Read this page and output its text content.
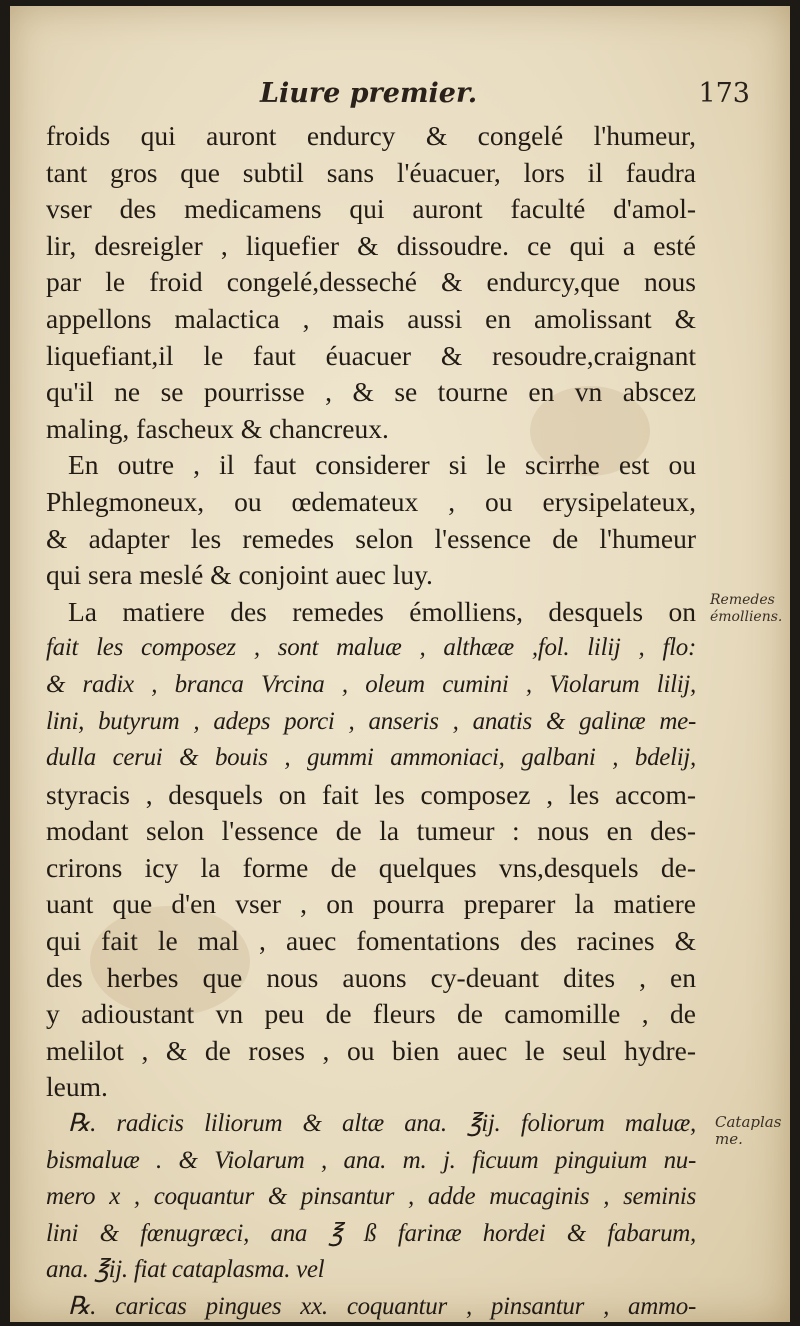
Liure premier.	173
froids qui auront endurcy & congelé l'humeur,
tant gros que subtil sans l'éuacuer, lors il faudra
vser des medicamens qui auront faculté d'amol-
lir, desreigler , liquefier & dissoudre. ce qui a esté
par le froid congelé,desseché & endurcy,que nous
appellons malactica , mais aussi en amolissant &
liquefiant,il le faut éuacuer & resoudre,craignant
qu'il ne se pourrisse , & se tourne en vn abscez
maling, fascheux & chancreux.
En outre , il faut considerer si le scirrhe est ou
Phlegmoneux, ou œdemateux , ou erysipelateux,
& adapter les remedes selon l'essence de l'humeur
qui sera meslé & conjoint auec luy.
La matiere des remedes émolliens, desquels on
fait les composez , sont maluæ , althææ ,fol. lilij , flo:
& radix , branca Vrcina , oleum cumini , Violarum lilij,
lini, butyrum , adeps porci , anseris , anatis & galinæ me-
dulla cerui & bouis , gummi ammoniaci, galbani , bdelij,
styracis , desquels on fait les composez , les accom-
modant selon l'essence de la tumeur : nous en des-
crirons icy la forme de quelques vns,desquels de-
uant que d'en vser , on pourra preparer la matiere
qui fait le mal , auec fomentations des racines &
des herbes que nous auons cy-deuant dites , en
y adioustant vn peu de fleurs de camomille , de
melilot , & de roses , ou bien auec le seul hydre-
leum.
℞. radicis liliorum & altæ ana. ℥ij. foliorum maluæ,
bismaluæ . & Violarum , ana. m. j. ficuum pinguium nu-
mero x , coquantur & pinsantur , adde mucaginis , seminis
lini & fœnugræci, ana ℥ ß farinæ hordei & fabarum,
ana. ℥ij. fiat cataplasma. vel
℞. caricas pingues xx. coquantur , pinsantur , ammo-
Remedes émolliens.
Cataplas me.
